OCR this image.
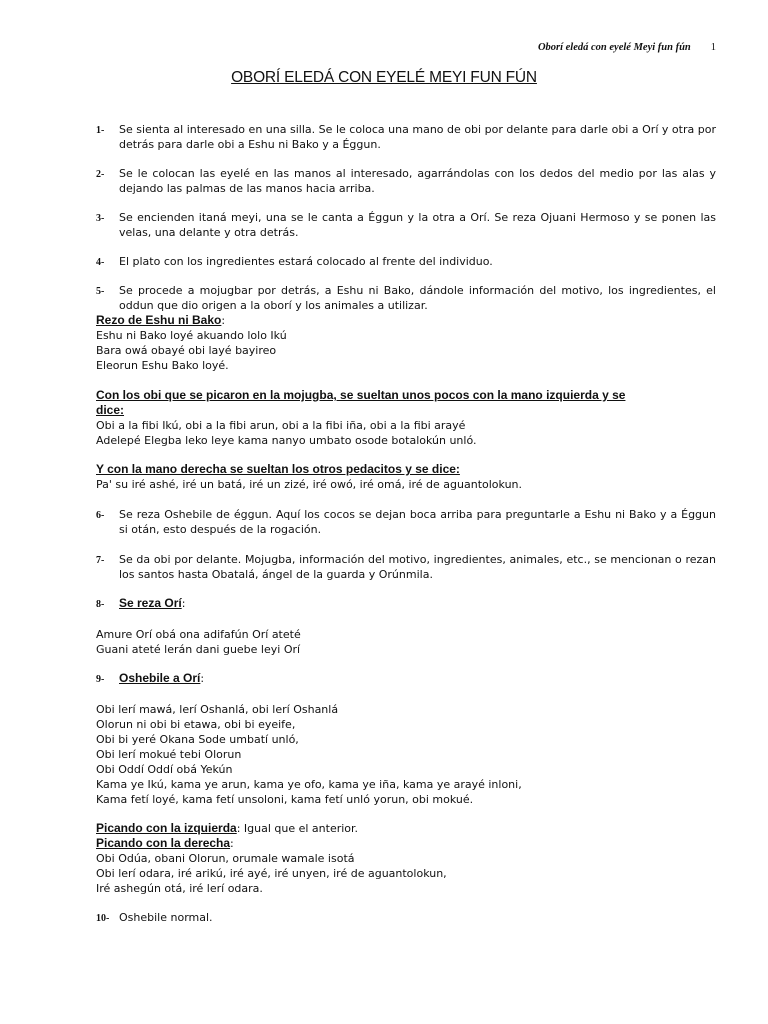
Oborí eledá con eyelé Meyi fun fún 1
OBORÍ ELEDÁ CON EYELÉ MEYI FUN FÚN
1- Se sienta al interesado en una silla. Se le coloca una mano de obi por delante para darle obi a Orí y otra por detrás para darle obi a Eshu ni Bako y a Éggun.
2- Se le colocan las eyelé en las manos al interesado, agarrándolas con los dedos del medio por las alas y dejando las palmas de las manos hacia arriba.
3- Se encienden itaná meyi, una se le canta a Éggun y la otra a Orí. Se reza Ojuani Hermoso y se ponen las velas, una delante y otra detrás.
4- El plato con los ingredientes estará colocado al frente del individuo.
5- Se procede a mojugbar por detrás, a Eshu ni Bako, dándole información del motivo, los ingredientes, el oddun que dio origen a la oborí y los animales a utilizar.
Rezo de Eshu ni Bako:
Eshu ni Bako loyé akuando lolo Ikú
Bara owá obayé obi layé bayireo
Eleorun Eshu Bako loyé.
Con los obi que se picaron en la mojugba, se sueltan unos pocos con la mano izquierda y se
dice:
Obi a la fibi Ikú, obi a la fibi arun, obi a la fibi iña, obi a la fibi arayé
Adelepé Elegba leko leye kama nanyo umbato osode botalokún unló.
Y con la mano derecha se sueltan los otros pedacitos y se dice:
Pa' su iré ashé, iré un batá, iré un zizé, iré owó, iré omá, iré de aguantolokun.
6- Se reza Oshebile de éggun. Aquí los cocos se dejan boca arriba para preguntarle a Eshu ni Bako y a Éggun si otán, esto después de la rogación.
7- Se da obi por delante. Mojugba, información del motivo, ingredientes, animales, etc., se mencionan o rezan los santos hasta Obatalá, ángel de la guarda y Orúnmila.
8- Se reza Orí:
Amure Orí obá ona adifafún Orí ateté
Guani ateté lerán dani guebe leyi Orí
9- Oshebile a Orí:
Obi lerí mawá, lerí Oshanlá, obi lerí Oshanlá
Olorun ni obi bi etawa, obi bi eyeife,
Obi bi yeré Okana Sode umbatí unló,
Obi lerí mokué tebi Olorun
Obi Oddí Oddí obá Yekún
Kama ye Ikú, kama ye arun, kama ye ofo, kama ye iña, kama ye arayé inloni,
Kama fetí loyé, kama fetí unsoloni, kama fetí unló yorun, obi mokué.
Picando con la izquierda: Igual que el anterior.
Picando con la derecha:
Obi Odúa, obani Olorun, orumale wamale isotá
Obi lerí odara, iré arikú, iré ayé, iré unyen, iré de aguantolokun,
Iré ashegún otá, iré lerí odara.
10- Oshebile normal.
